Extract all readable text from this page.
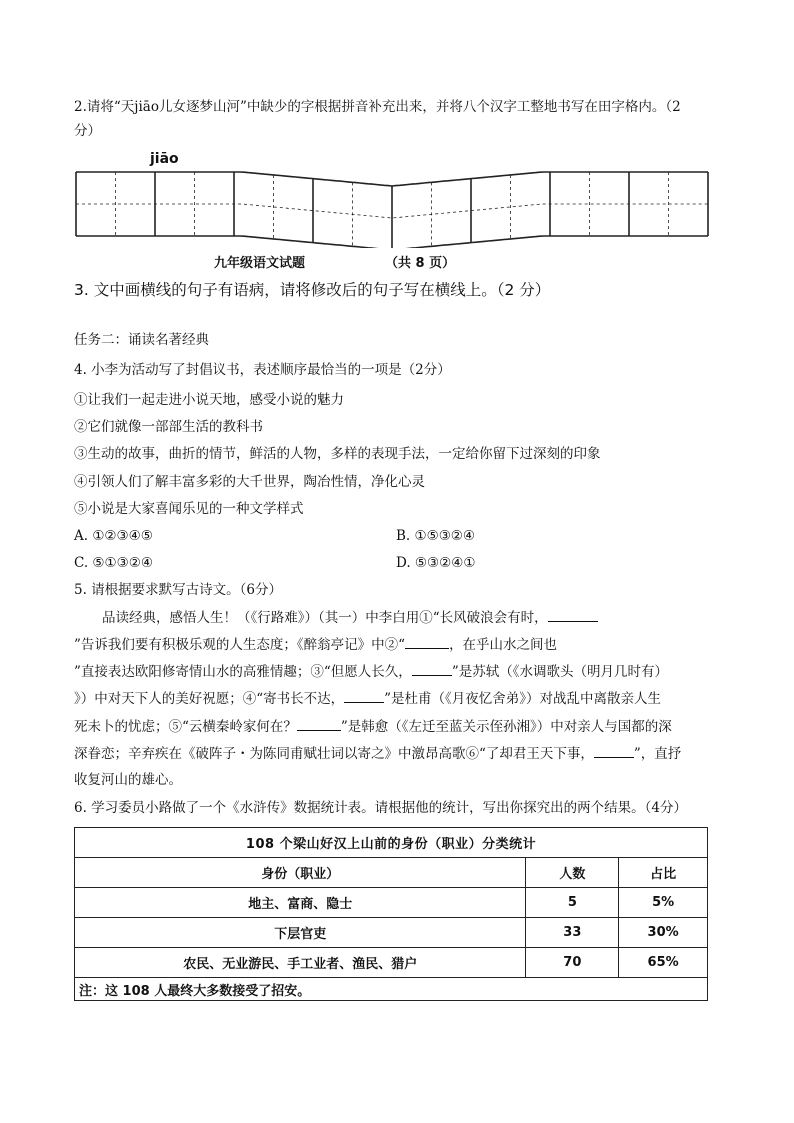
2.请将“天jiāo儿女逐梦山河”中缺少的字根据拼音补充出来，并将八个汉字工整地书写在田字格内。（2
分）
jiāo
九年级语文试题	（共 8 页）
3. 文中画横线的句子有语病，请将修改后的句子写在横线上。（2 分）
任务二：诵读名著经典
4. 小李为活动写了封倡议书，表述顺序最恰当的一项是（2分）
①让我们一起走进小说天地，感受小说的魅力
②它们就像一部部生活的教科书
③生动的故事，曲折的情节，鲜活的人物，多样的表现手法，一定给你留下过深刻的印象
④引领人们了解丰富多彩的大千世界，陶冶性情，净化心灵
⑤小说是大家喜闻乐见的一种文学样式
A. ①②③④⑤	B. ①⑤③②④
C. ⑤①③②④	D. ⑤③②④①
5. 请根据要求默写古诗文。（6分）
品读经典，感悟人生！（《行路难》）（其一）中李白用①“长风破浪会有时，
”告诉我们要有积极乐观的人生态度；《醉翁亭记》中②“	，在乎山水之间也
”直接表达欧阳修寄情山水的高雅情趣；③“但愿人长久，	”是苏轼（《水调歌头（明月几时有）
》）中对天下人的美好祝愿；④“寄书长不达，	”是杜甫（《月夜忆舍弟》）对战乱中离散亲人生
死未卜的忧虑；⑤“云横秦岭家何在？	”是韩愈（《左迁至蓝关示侄孙湘》）中对亲人与国都的深
深眷恋；辛弃疾在《破阵子・为陈同甫赋壮词以寄之》中激昂高歌⑥“了却君王天下事，	”，直抒
收复河山的雄心。
6. 学习委员小路做了一个《水浒传》数据统计表。请根据他的统计，写出你探究出的两个结果。（4分）
108 个梁山好汉上山前的身份（职业）分类统计		
身份（职业）	人数	占比
地主、富商、隐士	5	5%
下层官吏	33	30%
农民、无业游民、手工业者、渔民、猎户	70	65%
注：这 108 人最终大多数接受了招安。		
